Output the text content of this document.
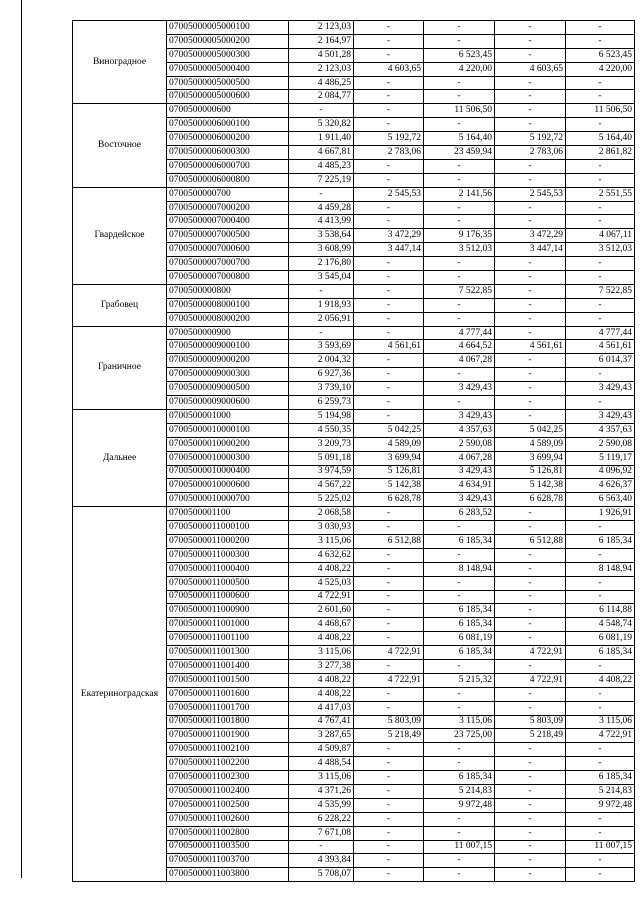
Виноградное	07005000005000100	2 123,03	-	-	-	-
	07005000005000200	2 164,97	-	-	-	-
	07005000005000300	4 501,28	-	6 523,45	-	6 523,45
	07005000005000400	2 123,03	4 603,65	4 220,00	4 603,65	4 220,00
	07005000005000500	4 486,25	-	-	-	-
	07005000005000600	2 084,77	-	-	-	-
Восточное	0700500000600	-	-	11 506,50	-	11 506,50
	07005000006000100	5 320,82	-	-	-	-
	07005000006000200	1 911,40	5 192,72	5 164,40	5 192,72	5 164,40
	07005000006000300	4 667,81	2 783,06	23 459,94	2 783,06	2 861,82
	07005000006000700	4 485,23	-	-	-	-
	07005000006000800	7 225,19	-	-	-	-
Гвардейское	0700500000700	-	2 545,53	2 141,56	2 545,53	2 551,55
	07005000007000200	4 459,28	-	-	-	-
	07005000007000400	4 413,99	-	-	-	-
	07005000007000500	3 538,64	3 472,29	9 176,35	3 472,29	4 067,11
	07005000007000600	3 608,99	3 447,14	3 512,03	3 447,14	3 512,03
	07005000007000700	2 176,80	-	-	-	-
	07005000007000800	3 545,04	-	-	-	-
Грабовец	0700500000800	-	-	7 522,85	-	7 522,85
	07005000008000100	1 918,93	-	-	-	-
	07005000008000200	2 056,91	-	-	-	-
Граничное	0700500000900	-	-	4 777,44	-	4 777,44
	07005000009000100	3 593,69	4 561,61	4 664,52	4 561,61	4 561,61
	07005000009000200	2 004,32	-	4 067,28	-	6 014,37
	07005000009000300	6 927,36	-	-	-	-
	07005000009000500	3 739,10	-	3 429,43	-	3 429,43
	07005000009000600	6 259,73	-	-	-	-
Дальнее	0700500001000	5 194,98	-	3 429,43	-	3 429,43
	07005000010000100	4 550,35	5 042,25	4 357,63	5 042,25	4 357,63
	07005000010000200	3 209,73	4 589,09	2 590,08	4 589,09	2 590,08
	07005000010000300	5 091,18	3 699,94	4 067,28	3 699,94	5 119,17
	07005000010000400	3 974,59	5 126,81	3 429,43	5 126,81	4 096,92
	07005000010000600	4 567,22	5 142,38	4 634,91	5 142,38	4 626,37
	07005000010000700	5 225,02	6 628,78	3 429,43	6 628,78	6 563,40
Екатериноградская	0700500001100	2 068,58	-	6 283,52	-	1 926,91
	07005000011000100	3 030,93	-	-	-	-
	07005000011000200	3 115,06	6 512,88	6 185,34	6 512,88	6 185,34
	07005000011000300	4 632,62	-	-	-	-
	07005000011000400	4 408,22	-	8 148,94	-	8 148,94
	07005000011000500	4 525,03	-	-	-	-
	07005000011000600	4 722,91	-	-	-	-
	07005000011000900	2 601,60	-	6 185,34	-	6 114,88
	07005000011001000	4 468,67	-	6 185,34	-	4 548,74
	07005000011001100	4 408,22	-	6 081,19	-	6 081,19
	07005000011001300	3 115,06	4 722,91	6 185,34	4 722,91	6 185,34
	07005000011001400	3 277,38	-	-	-	-
	07005000011001500	4 408,22	4 722,91	5 215,32	4 722,91	4 408,22
	07005000011001600	4 408,22	-	-	-	-
	07005000011001700	4 417,03	-	-	-	-
	07005000011001800	4 767,41	5 803,09	3 115,06	5 803,09	3 115,06
	07005000011001900	3 287,65	5 218,49	23 725,00	5 218,49	4 722,91
	07005000011002100	4 509,87	-	-	-	-
	07005000011002200	4 488,54	-	-	-	-
	07005000011002300	3 115,06	-	6 185,34	-	6 185,34
	07005000011002400	4 371,26	-	5 214,83	-	5 214,83
	07005000011002500	4 535,99	-	9 972,48	-	9 972,48
	07005000011002600	6 228,22	-	-	-	-
	07005000011002800	7 671,08	-	-	-	-
	07005000011003500	-	-	11 007,15	-	11 007,15
	07005000011003700	4 393,84	-	-	-	-
	07005000011003800	5 708,07	-	-	-	-
